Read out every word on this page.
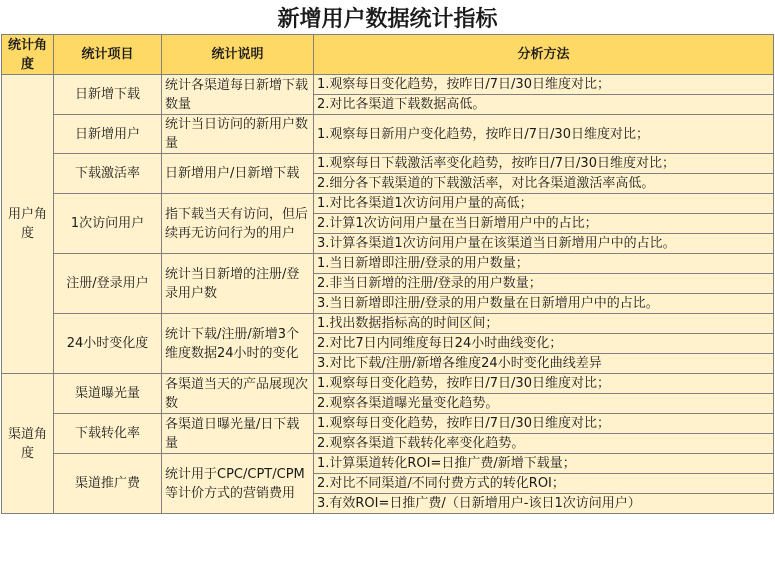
新增用户数据统计指标
统计角度	统计项目	统计说明	分析方法
用户角度	日新增下载	统计各渠道每日新增下载数量	1.观察每日变化趋势，按昨日/7日/30日维度对比；
			2.对比各渠道下载数据高低。
	日新增用户	统计当日访问的新用户数量	1.观察每日新用户变化趋势，按昨日/7日/30日维度对比；
	下载激活率	日新增用户/日新增下载	1.观察每日下载激活率变化趋势，按昨日/7日/30日维度对比；
			2.细分各下载渠道的下载激活率，对比各渠道激活率高低。
	1次访问用户	指下载当天有访问，但后续再无访问行为的用户	1.对比各渠道1次访问用户量的高低；
			2.计算1次访问用户量在当日新增用户中的占比；
			3.计算各渠道1次访问用户量在该渠道当日新增用户中的占比。
	注册/登录用户	统计当日新增的注册/登录用户数	1.当日新增即注册/登录的用户数量；
			2.非当日新增的注册/登录的用户数量；
			3.当日新增即注册/登录的用户数量在日新增用户中的占比。
	24小时变化度	统计下载/注册/新增3个维度数据24小时的变化	1.找出数据指标高的时间区间；
			2.对比7日内同维度每日24小时曲线变化；
			3.对比下载/注册/新增各维度24小时变化曲线差异
渠道角度	渠道曝光量	各渠道当天的产品展现次数	1.观察每日变化趋势，按昨日/7日/30日维度对比；
			2.观察各渠道曝光量变化趋势。
	下载转化率	各渠道日曝光量/日下载量	1.观察每日变化趋势，按昨日/7日/30日维度对比；
			2.观察各渠道下载转化率变化趋势。
	渠道推广费	统计用于CPC/CPT/CPM等计价方式的营销费用	1.计算渠道转化ROI=日推广费/新增下载量；
			2.对比不同渠道/不同付费方式的转化ROI；
			3.有效ROI=日推广费/（日新增用户-该日1次访问用户）
